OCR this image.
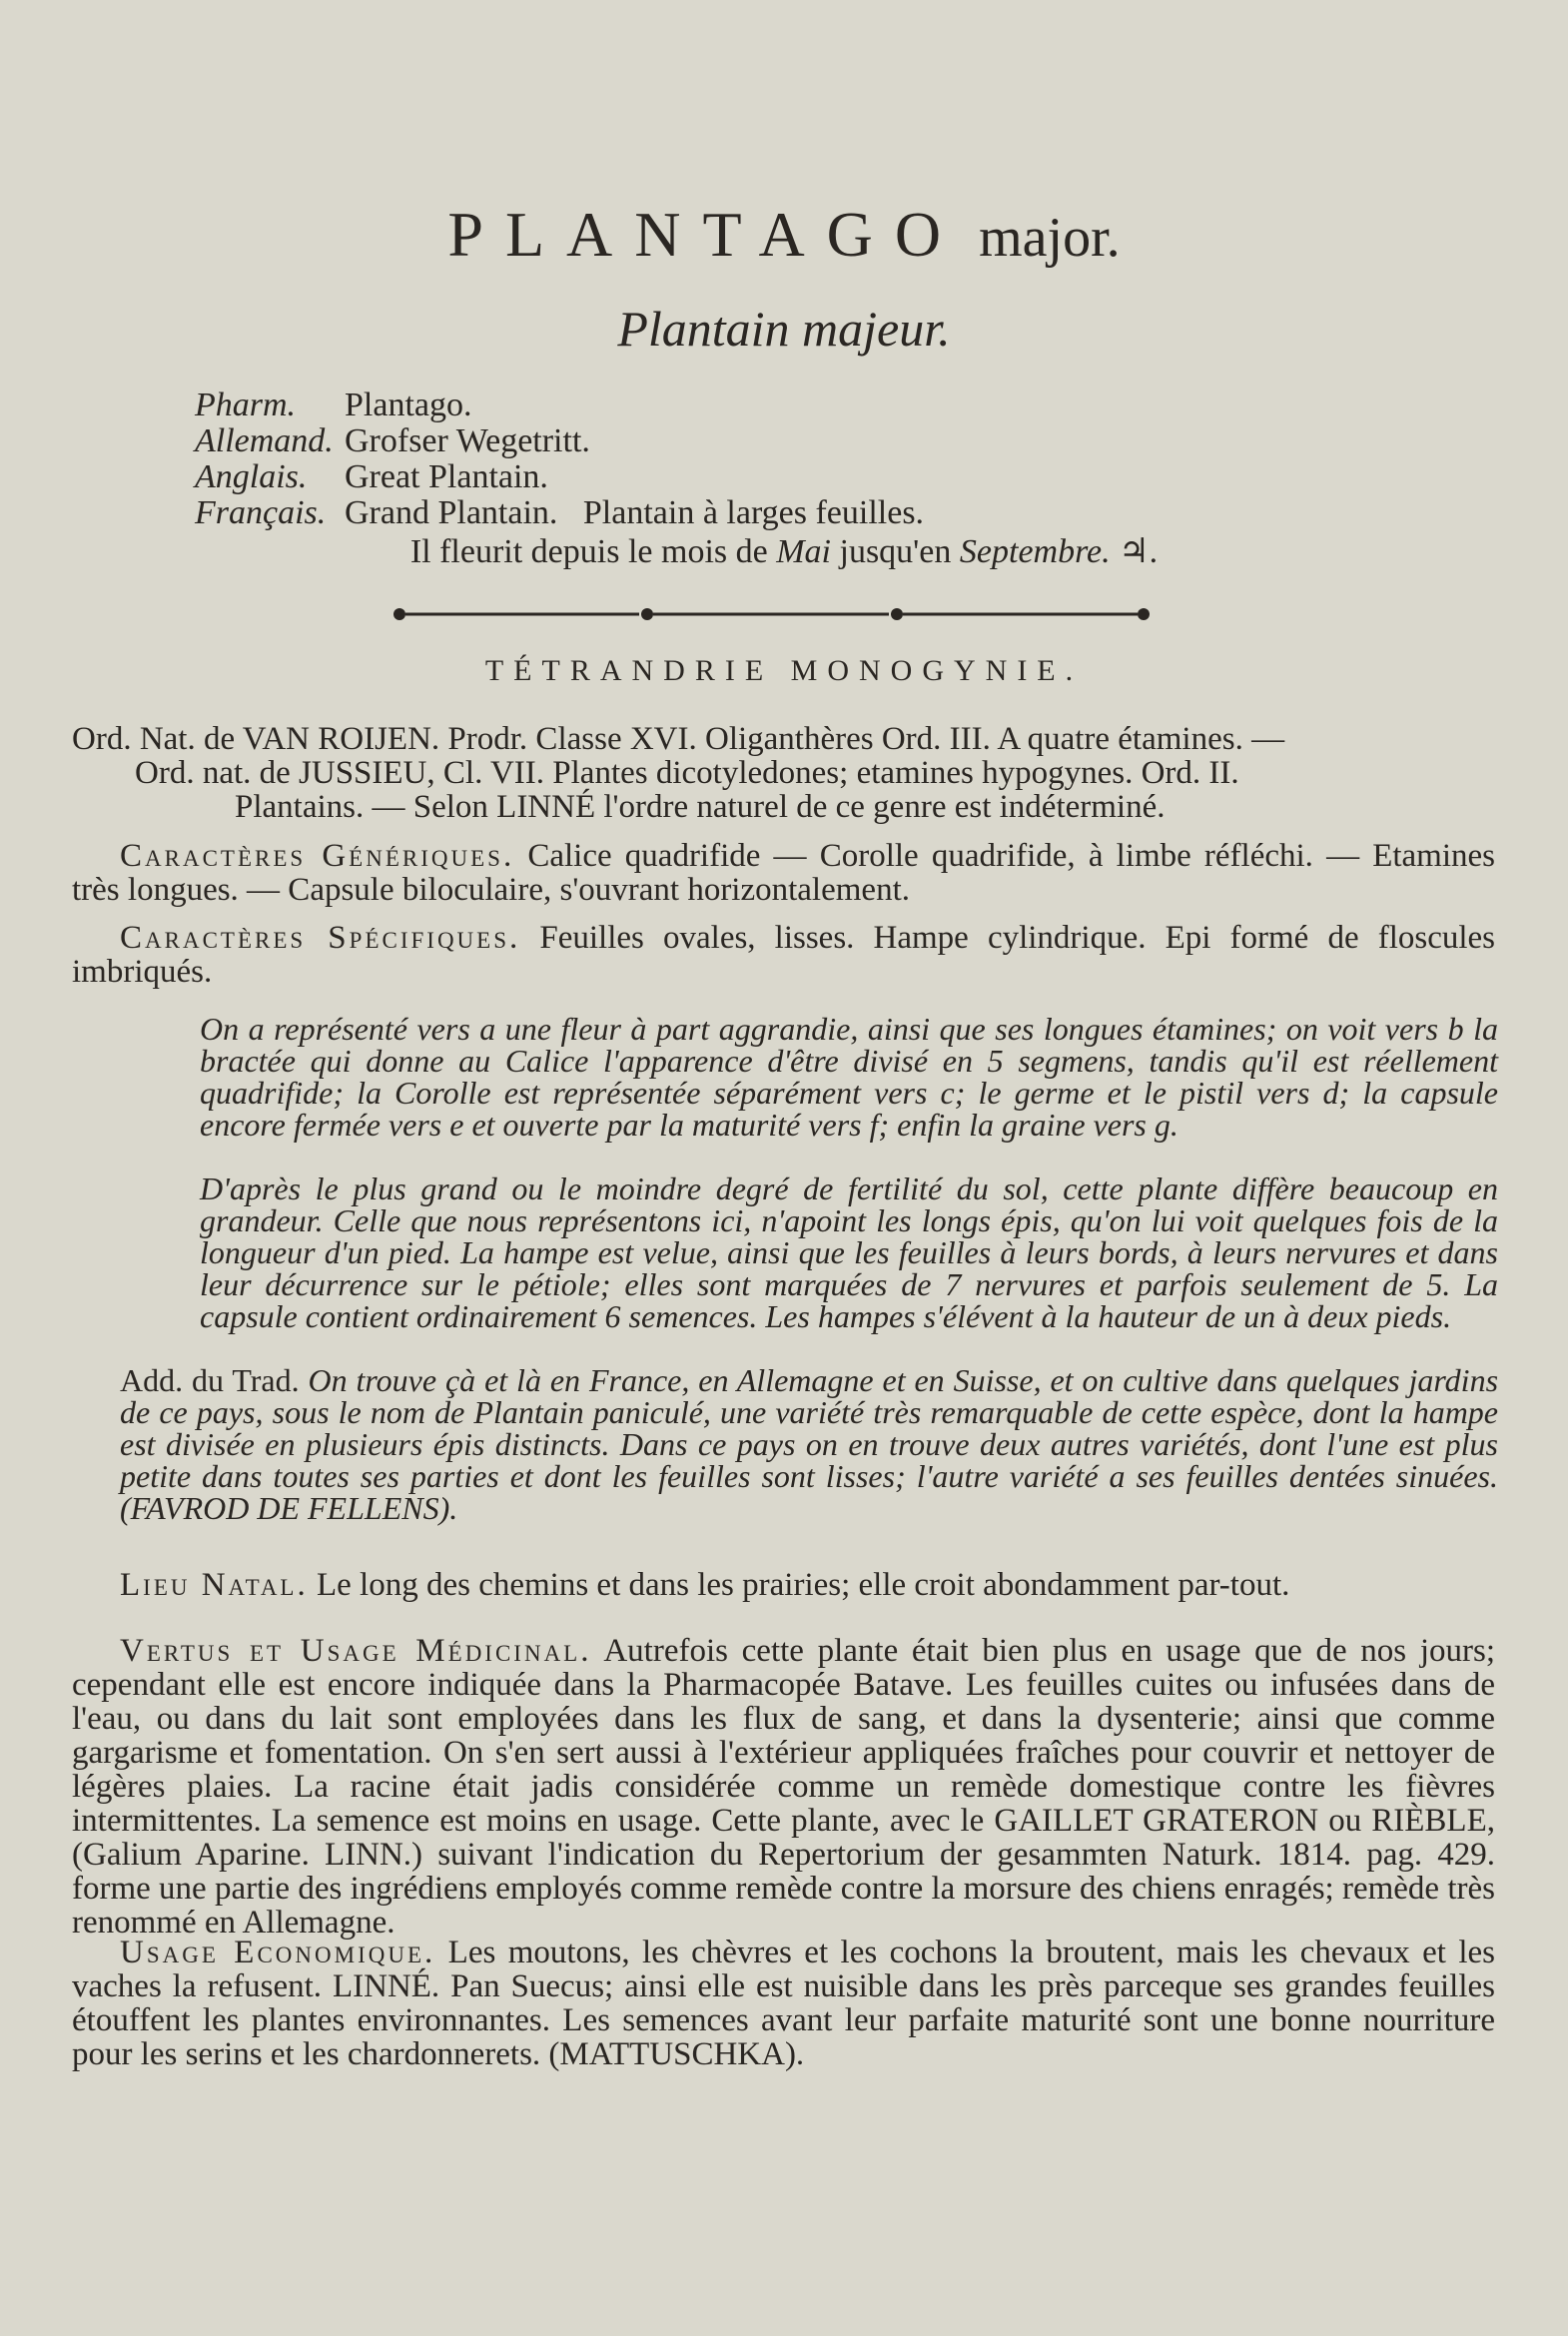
PLANTAGO major.
Plantain majeur.
Pharm. Plantago.
Allemand. Grofser Wegetritt.
Anglais. Great Plantain.
Français. Grand Plantain.   Plantain à larges feuilles.
Il fleurit depuis le mois de Mai jusqu'en Septembre. ♃.
TÉTRANDRIE MONOGYNIE.
Ord. Nat. de VAN ROIJEN. Prodr. Classe XVI. Oliganthères Ord. III. A quatre étamines. —
Ord. nat. de JUSSIEU, Cl. VII. Plantes dicotyledones; etamines hypogynes. Ord. II.
Plantains. — Selon LINNÉ l'ordre naturel de ce genre est indéterminé.

Caractères Génériques. Calice quadrifide — Corolle quadrifide, à limbe réfléchi. — Etamines très longues. — Capsule biloculaire, s'ouvrant horizontalement.

Caractères Spécifiques. Feuilles ovales, lisses. Hampe cylindrique. Epi formé de floscules imbriqués.

On a représenté vers a une fleur à part aggrandie, ainsi que ses longues étamines; on voit vers b la bractée qui donne au Calice l'apparence d'être divisé en 5 segmens, tandis qu'il est réellement quadrifide; la Corolle est représentée séparément vers c; le germe et le pistil vers d; la capsule encore fermée vers e et ouverte par la maturité vers f; enfin la graine vers g.

D'après le plus grand ou le moindre degré de fertilité du sol, cette plante diffère beaucoup en grandeur. Celle que nous représentons ici, n'apoint les longs épis, qu'on lui voit quelques fois de la longueur d'un pied. La hampe est velue, ainsi que les feuilles à leurs bords, à leurs nervures et dans leur décurrence sur le pétiole; elles sont marquées de 7 nervures et parfois seulement de 5. La capsule contient ordinairement 6 semences. Les hampes s'élévent à la hauteur de un à deux pieds.

Add. du Trad. On trouve çà et là en France, en Allemagne et en Suisse, et on cultive dans quelques jardins de ce pays, sous le nom de Plantain paniculé, une variété très remarquable de cette espèce, dont la hampe est divisée en plusieurs épis distincts. Dans ce pays on en trouve deux autres variétés, dont l'une est plus petite dans toutes ses parties et dont les feuilles sont lisses; l'autre variété a ses feuilles dentées sinuées. (FAVROD DE FELLENS).

Lieu Natal. Le long des chemins et dans les prairies; elle croit abondamment par-tout.

Vertus et Usage Médicinal. Autrefois cette plante était bien plus en usage que de nos jours; cependant elle est encore indiquée dans la Pharmacopée Batave. Les feuilles cuites ou infusées dans de l'eau, ou dans du lait sont employées dans les flux de sang, et dans la dysenterie; ainsi que comme gargarisme et fomentation. On s'en sert aussi à l'extérieur appliquées fraîches pour couvrir et nettoyer de légères plaies. La racine était jadis considérée comme un remède domestique contre les fièvres intermittentes. La semence est moins en usage. Cette plante, avec le GAILLET GRATERON ou RIÈBLE, (Galium Aparine. LINN.) suivant l'indication du Repertorium der gesammten Naturk. 1814. pag. 429. forme une partie des ingrédiens employés comme remède contre la morsure des chiens enragés; remède très renommé en Allemagne.

Usage Economique. Les moutons, les chèvres et les cochons la broutent, mais les chevaux et les vaches la refusent. LINNÉ. Pan Suecus; ainsi elle est nuisible dans les près parceque ses grandes feuilles étouffent les plantes environnantes. Les semences avant leur parfaite maturité sont une bonne nourriture pour les serins et les chardonnerets. (MATTUSCHKA).
